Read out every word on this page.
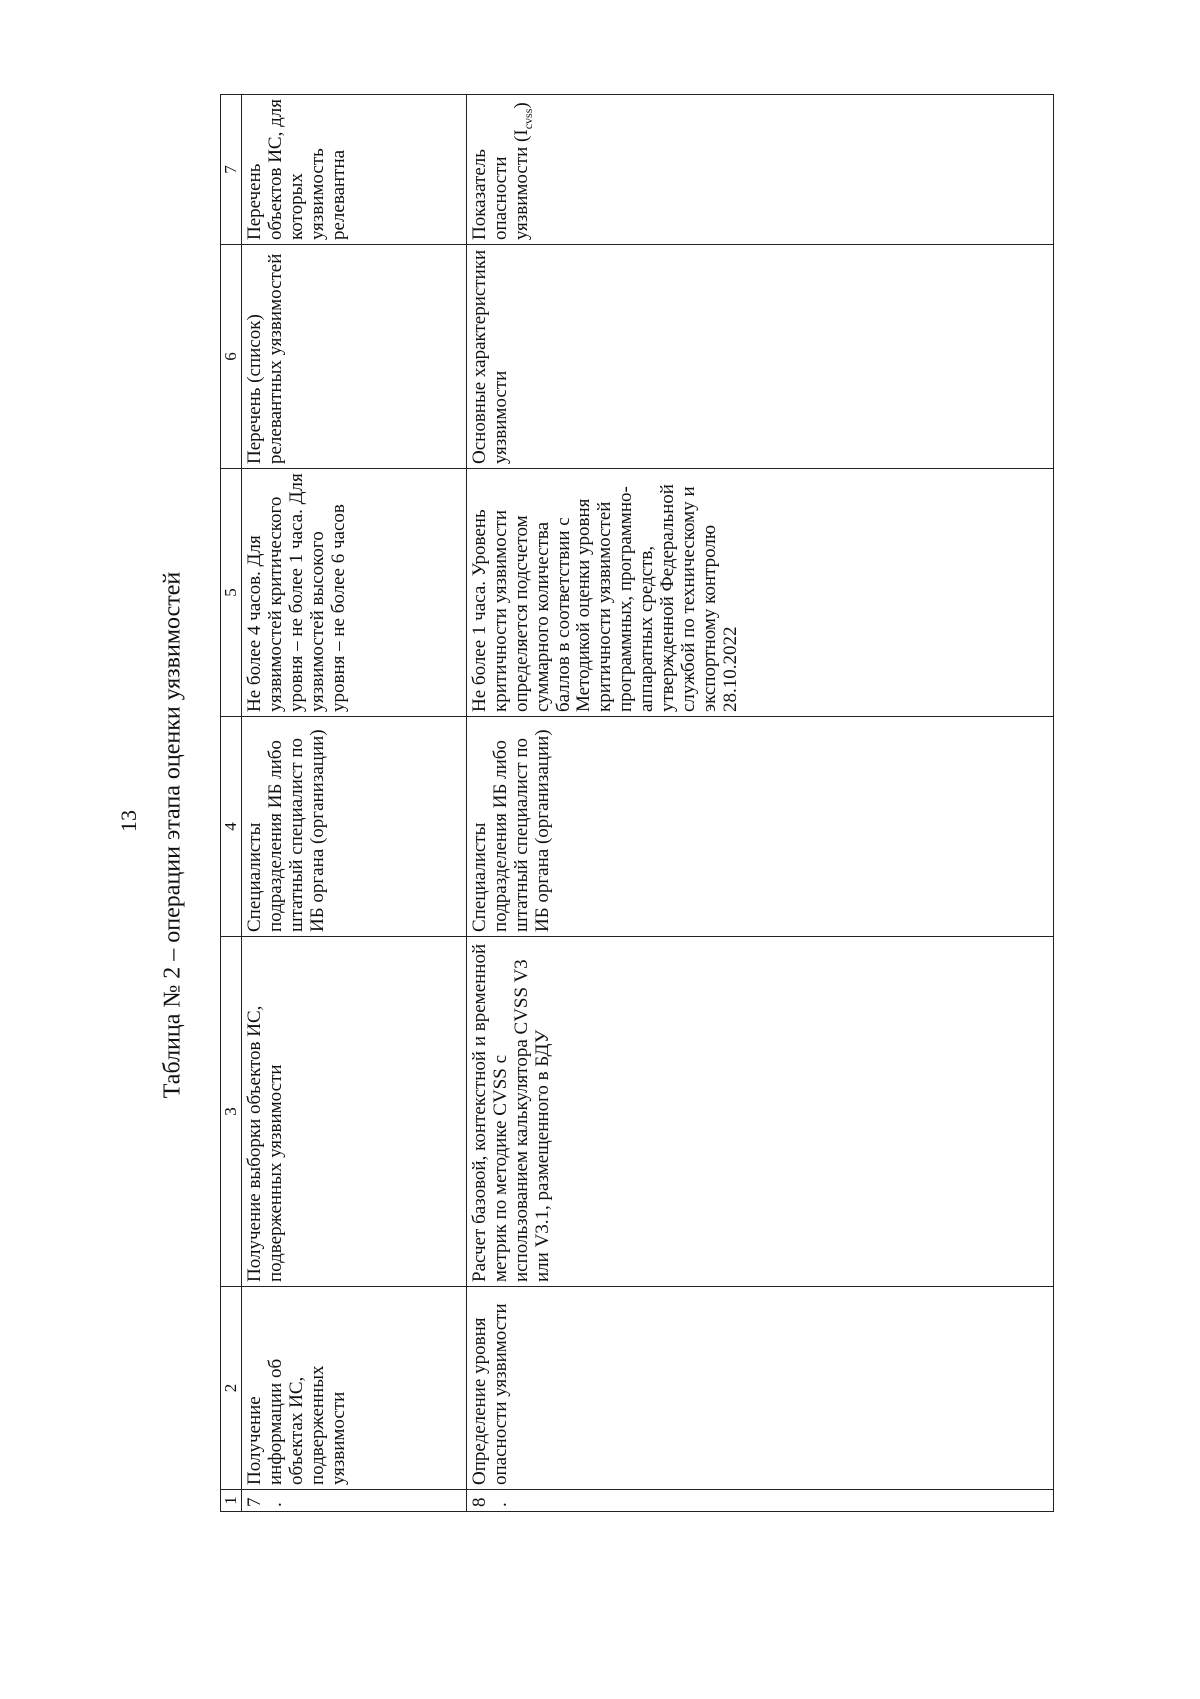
13 Таблица № 2 – операции этапа оценки уязвимостей
1	2	3	4	5	6	7
7.	Получение информации об объектах ИС, подверженных уязвимости	Получение выборки объектов ИС, подверженных уязвимости	Специалисты подразделения ИБ либо штатный специалист по ИБ органа (организации)	Не более 4 часов. Для уязвимостей критического уровня – не более 1 часа. Для уязвимостей высокого уровня – не более 6 часов	Перечень (список) релевантных уязвимостей	Перечень объектов ИС, для которых уязвимость релевантна
8.	Определение уровня опасности уязвимости	Расчет базовой, контекстной и временной метрик по методике CVSS с использованием калькулятора CVSS V3 или V3.1, размещенного в БДУ	Специалисты подразделения ИБ либо штатный специалист по ИБ органа (организации)	Не более 1 часа. Уровень критичности уязвимости определяется подсчетом суммарного количества баллов в соответствии с Методикой оценки уровня критичности уязвимостей программных, программно-аппаратных средств, утвержденной Федеральной службой по техническому и экспортному контролю 28.10.2022	Основные характеристики уязвимости	Показатель опасности уязвимости $(I_{cvss})$
